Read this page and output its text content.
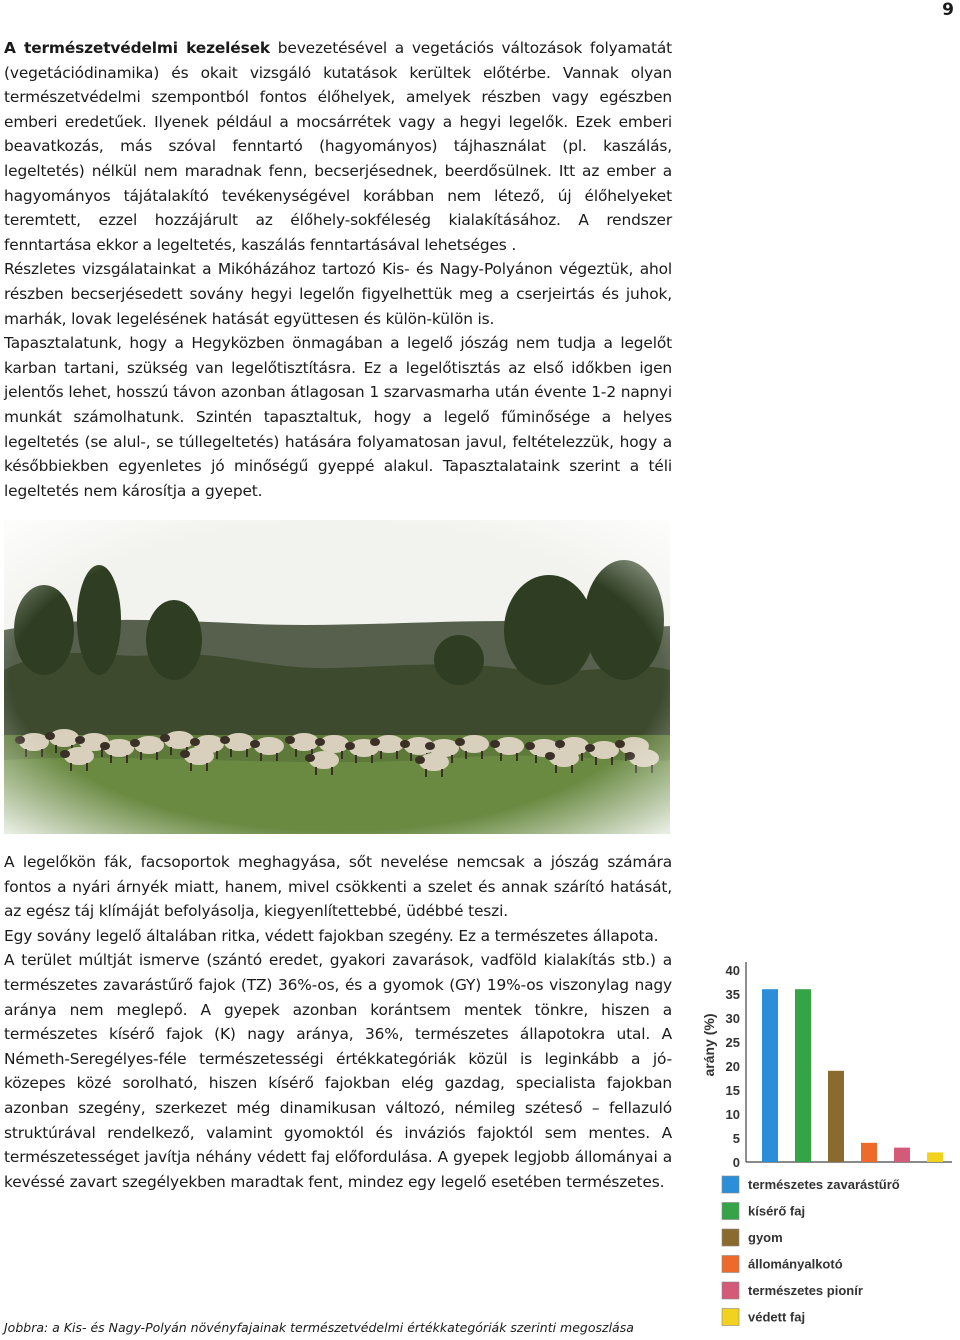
9

A természetvédelmi kezelések bevezetésével a vegetációs változások folyamatát (vegetációdinamika) és okait vizsgáló kutatások kerültek előtérbe. Vannak olyan természetvédelmi szempontból fontos élőhelyek, amelyek részben vagy egészben emberi eredetűek. Ilyenek például a mocsárrétek vagy a hegyi legelők. Ezek emberi beavatkozás, más szóval fenntartó (hagyományos) tájhasználat (pl. kaszálás, legeltetés) nélkül nem maradnak fenn, becserjésednek, beerdősülnek. Itt az ember a hagyományos tájátalakító tevékenységével korábban nem létező, új élőhelyeket teremtett, ezzel hozzájárult az élőhely-sokféleség kialakításához. A rendszer fenntartása ekkor a legeltetés, kaszálás fenntartásával lehetséges .

Részletes vizsgálatainkat a Mikóházához tartozó Kis- és Nagy-Polyánon végeztük, ahol részben becserjésedett sovány hegyi legelőn figyelhettük meg a cserjeirtás és juhok, marhák, lovak legelésének hatását együttesen és külön-külön is.

Tapasztalatunk, hogy a Hegyközben önmagában a legelő jószág nem tudja a legelőt karban tartani, szükség van legelőtisztításra. Ez a legelőtisztás az első időkben igen jelentős lehet, hosszú távon azonban átlagosan 1 szarvasmarha után évente 1-2 napnyi munkát számolhatunk. Szintén tapasztaltuk, hogy a legelő fűminősége a helyes legeltetés (se alul-, se túllegeltetés) hatására folyamatosan javul, feltételezzük, hogy a későbbiekben egyenletes jó minőségű gyeppé alakul. Tapasztalataink szerint a téli legeltetés nem károsítja a gyepet.

A legelőkön fák, facsoportok meghagyása, sőt nevelése nemcsak a jószág számára fontos a nyári árnyék miatt, hanem, mivel csökkenti a szelet és annak szárító hatását, az egész táj klímáját befolyásolja, kiegyenlítettebbé, üdébbé teszi.

Egy sovány legelő általában ritka, védett fajokban szegény. Ez a természetes állapota.

A terület múltját ismerve (szántó eredet, gyakori zavarások, vadföld kialakítás stb.) a természetes zavarástűrő fajok (TZ) 36%-os, és a gyomok (GY) 19%-os viszonylag nagy aránya nem meglepő. A gyepek azonban korántsem mentek tönkre, hiszen a természetes kísérő fajok (K) nagy aránya, 36%, természetes állapotokra utal. A Németh-Seregélyes-féle természetességi értékkategóriák közül is leginkább a jó-közepes közé sorolható, hiszen kísérő fajokban elég gazdag, specialista fajokban azonban szegény, szerkezet még dinamikusan változó, némileg széteső – fellazuló struktúrával rendelkező, valamint gyomoktól és inváziós fajoktól sem mentes. A természetességet javítja néhány védett faj előfordulása. A gyepek legjobb állományai a kevéssé zavart szegélyekben maradtak fent, mindez egy legelő esetében természetes.

arány (%)
0
5
10
15
20
25
30
35
40
természetes zavarástűrő
kísérő faj
gyom
állományalkotó
természetes pionír
védett faj
Jobbra: a Kis- és Nagy-Polyán növényfajainak természetvédelmi értékkategóriák szerinti megoszlása
